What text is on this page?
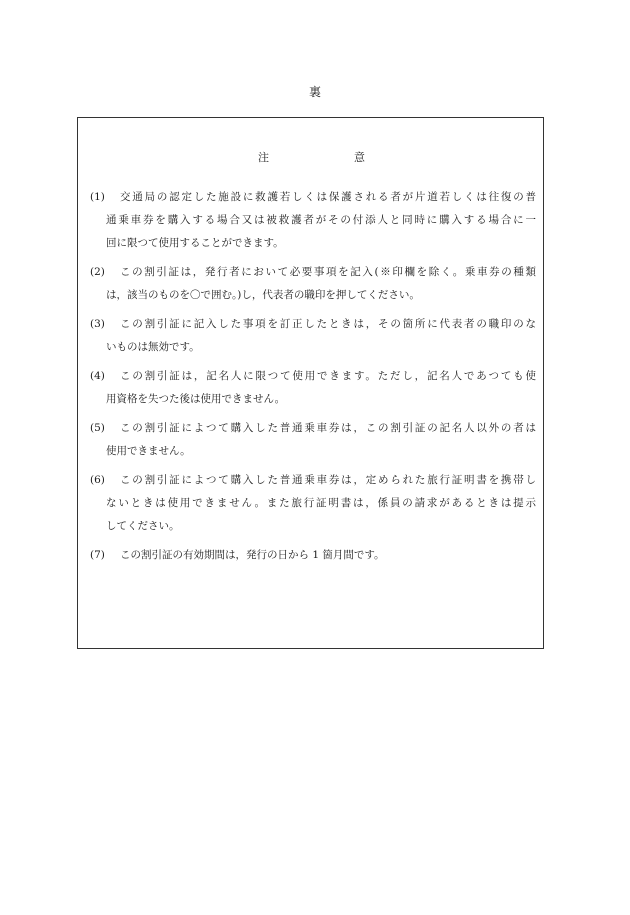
裏
注	意
(1)	交通局の認定した施設に救護若しくは保護される者が片道若しくは往復の普
通乗車券を購入する場合又は被救護者がその付添人と同時に購入する場合に一
回に限つて使用することができます。
(2)	この割引証は，発行者において必要事項を記入(※印欄を除く。乗車券の種類
は，該当のものを〇で囲む。)し，代表者の職印を押してください。
(3)	この割引証に記入した事項を訂正したときは，その箇所に代表者の職印のな
いものは無効です。
(4)	この割引証は，記名人に限つて使用できます。ただし，記名人であつても使
用資格を失つた後は使用できません。
(5)	この割引証によつて購入した普通乗車券は，この割引証の記名人以外の者は
使用できません。
(6)	この割引証によつて購入した普通乗車券は，定められた旅行証明書を携帯し
ないときは使用できません。また旅行証明書は，係員の請求があるときは提示
してください。
(7)	この割引証の有効期間は，発行の日から 1 箇月間です。
